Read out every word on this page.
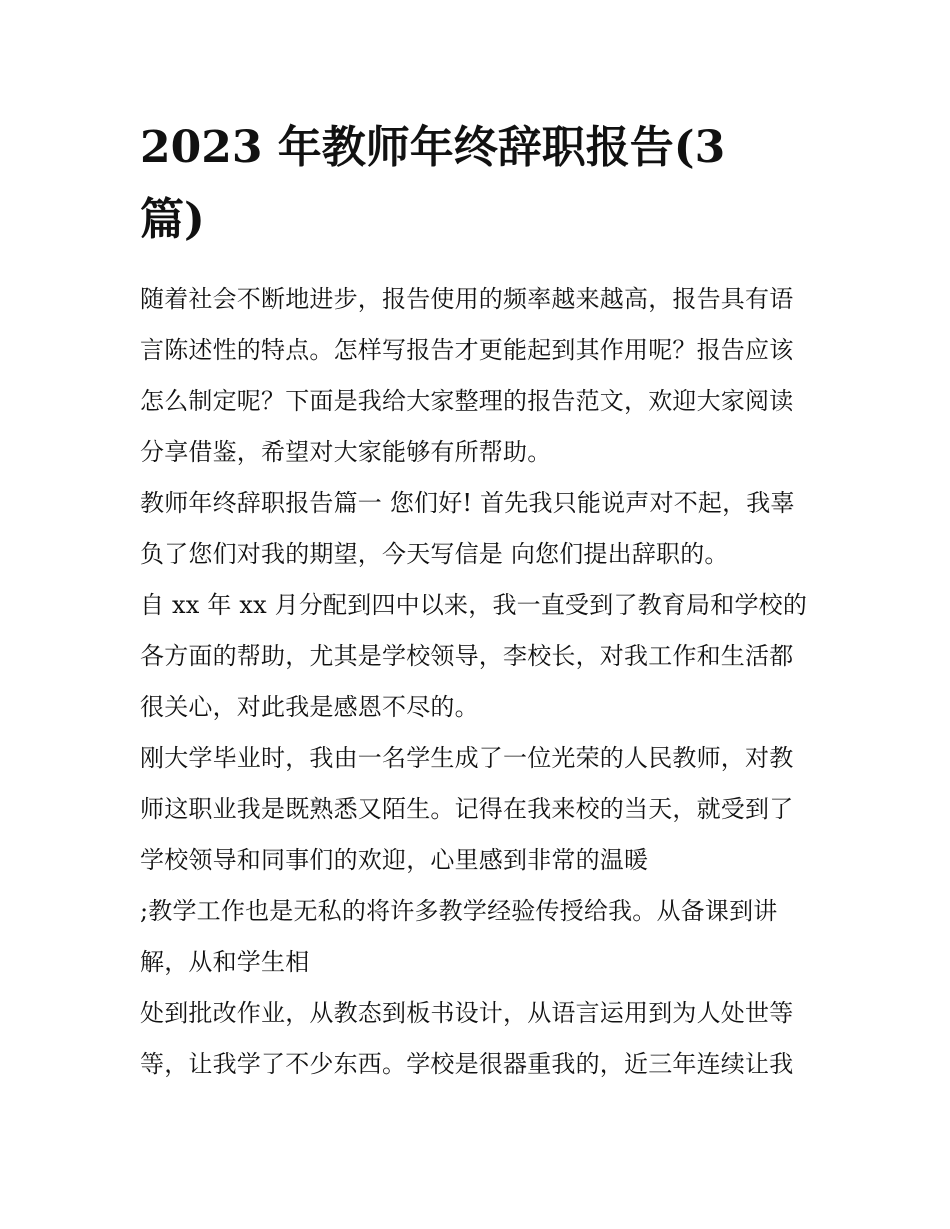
2023 年教师年终辞职报告(3
篇)
随着社会不断地进步，报告使用的频率越来越高，报告具有语
言陈述性的特点。怎样写报告才更能起到其作用呢？报告应该
怎么制定呢？下面是我给大家整理的报告范文，欢迎大家阅读
分享借鉴，希望对大家能够有所帮助。
教师年终辞职报告篇一 您们好! 首先我只能说声对不起，我辜
负了您们对我的期望，今天写信是 向您们提出辞职的。
自 xx 年 xx 月分配到四中以来，我一直受到了教育局和学校的
各方面的帮助，尤其是学校领导，李校长，对我工作和生活都
很关心，对此我是感恩不尽的。
刚大学毕业时，我由一名学生成了一位光荣的人民教师，对教
师这职业我是既熟悉又陌生。记得在我来校的当天，就受到了
学校领导和同事们的欢迎，心里感到非常的温暖
;教学工作也是无私的将许多教学经验传授给我。从备课到讲
解，从和学生相
处到批改作业，从教态到板书设计，从语言运用到为人处世等
等，让我学了不少东西。学校是很器重我的，近三年连续让我
